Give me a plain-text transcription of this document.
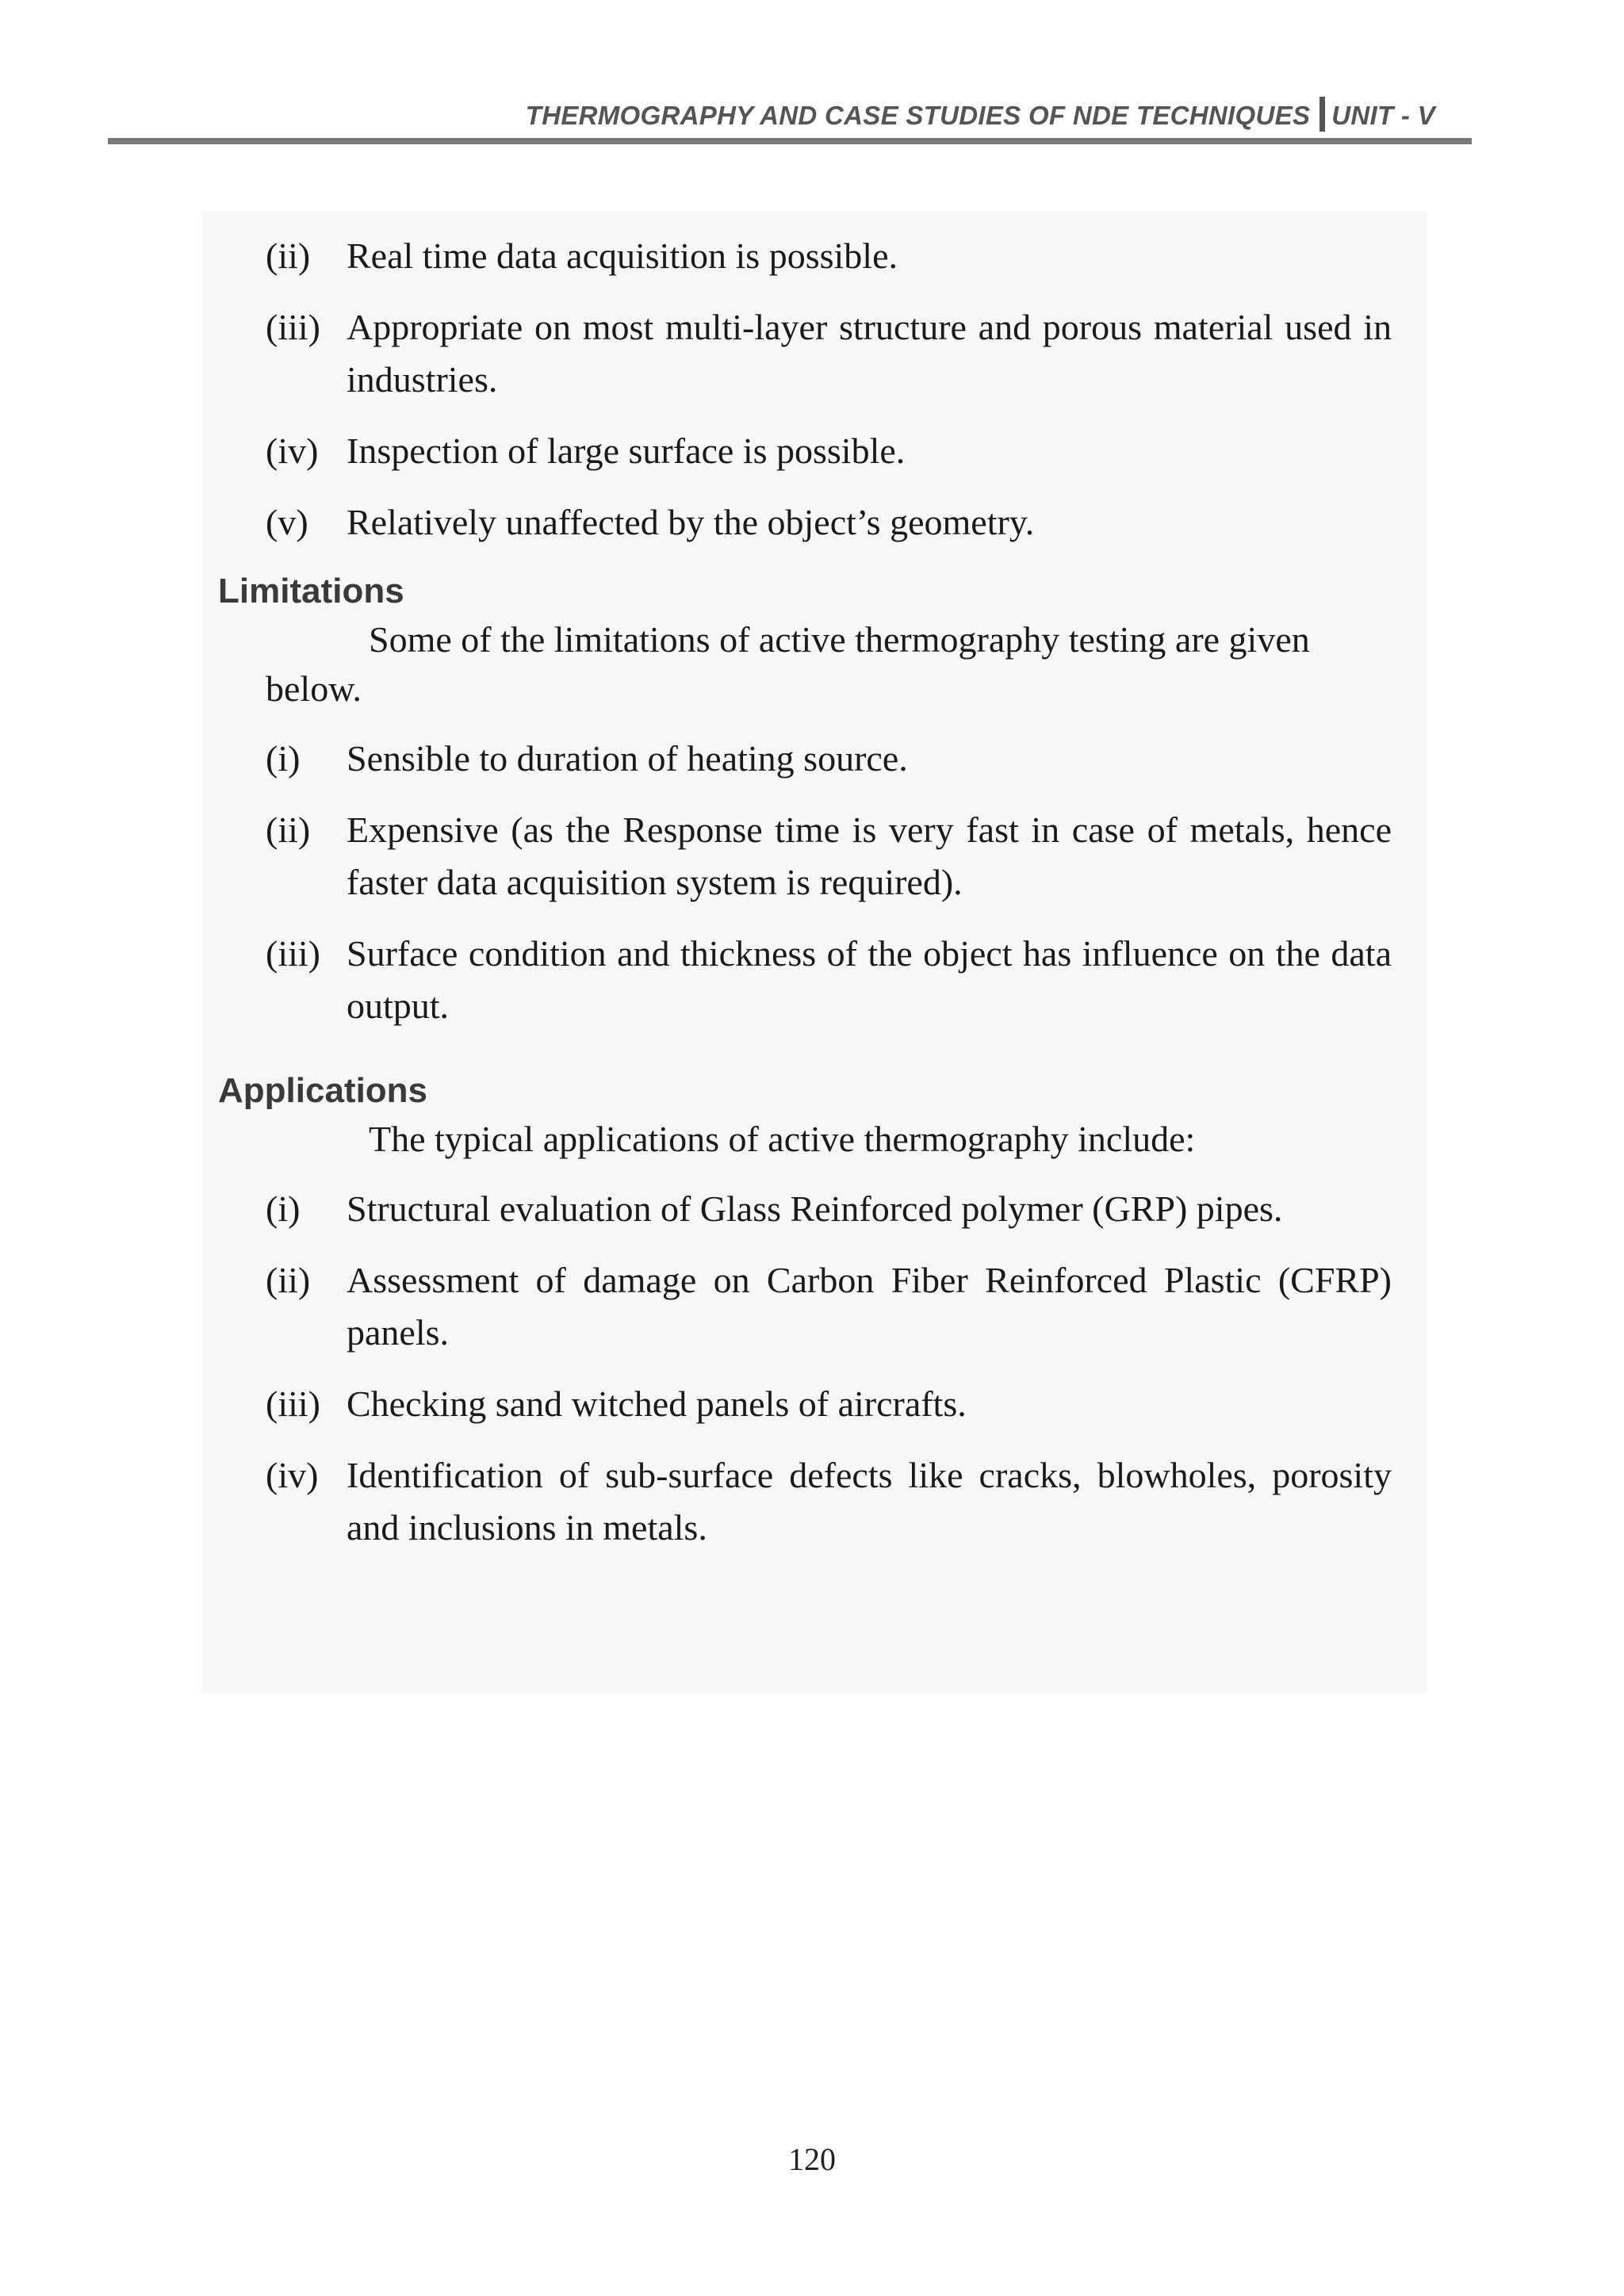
THERMOGRAPHY AND CASE STUDIES OF NDE TECHNIQUES UNIT - V
(ii) Real time data acquisition is possible.
(iii) Appropriate on most multi-layer structure and porous material used in industries.
(iv) Inspection of large surface is possible.
(v) Relatively unaffected by the object’s geometry.
Limitations

Some of the limitations of active thermography testing are given below.

(i) Sensible to duration of heating source.
(ii) Expensive (as the Response time is very fast in case of metals, hence faster data acquisition system is required).
(iii) Surface condition and thickness of the object has influence on the data output.
Applications

The typical applications of active thermography include:

(i) Structural evaluation of Glass Reinforced polymer (GRP) pipes.
(ii) Assessment of damage on Carbon Fiber Reinforced Plastic (CFRP) panels.
(iii) Checking sand witched panels of aircrafts.
(iv) Identification of sub-surface defects like cracks, blowholes, porosity and inclusions in metals.
120
